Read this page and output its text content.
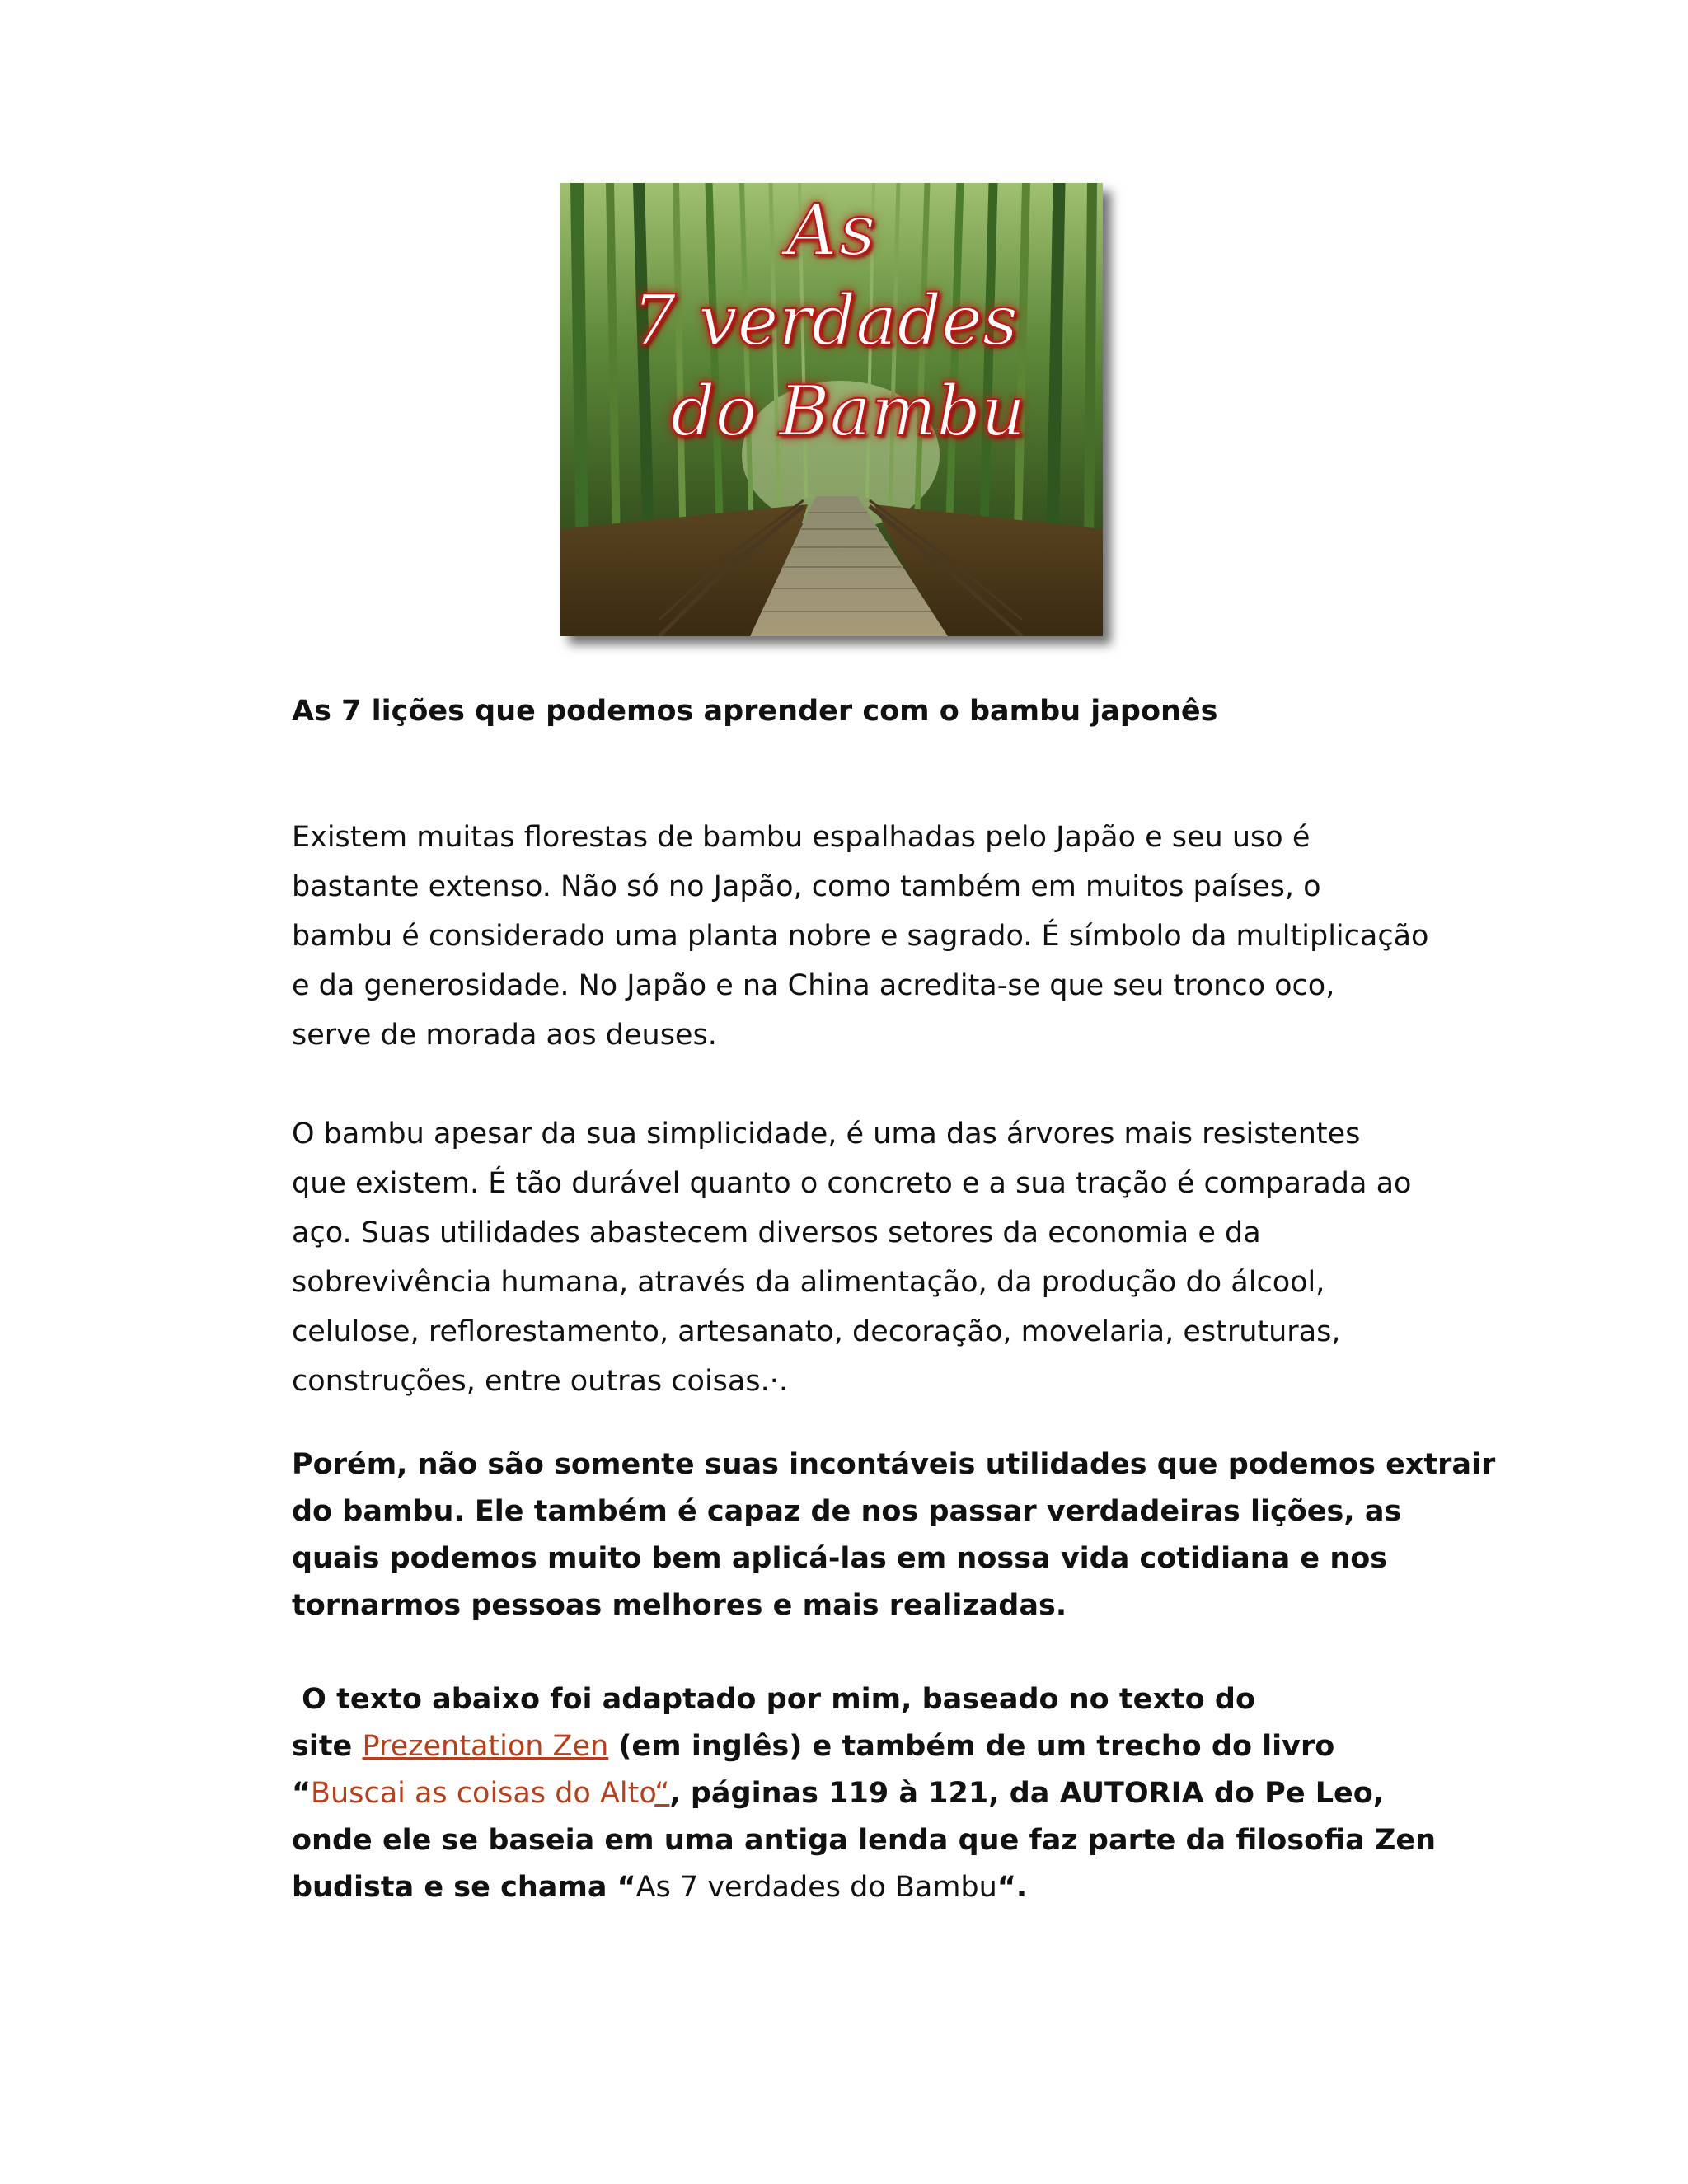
As
7 verdades
do Bambu
As 7 lições que podemos aprender com o bambu japonês
Existem muitas florestas de bambu espalhadas pelo Japão e seu uso é
bastante extenso. Não só no Japão, como também em muitos países, o
bambu é considerado uma planta nobre e sagrado. É símbolo da multiplicação
e da generosidade. No Japão e na China acredita-se que seu tronco oco,
serve de morada aos deuses.
O bambu apesar da sua simplicidade, é uma das árvores mais resistentes
que existem. É tão durável quanto o concreto e a sua tração é comparada ao
aço. Suas utilidades abastecem diversos setores da economia e da
sobrevivência humana, através da alimentação, da produção do álcool,
celulose, reflorestamento, artesanato, decoração, movelaria, estruturas,
construções, entre outras coisas.·.
Porém, não são somente suas incontáveis utilidades que podemos extrair
do bambu. Ele também é capaz de nos passar verdadeiras lições, as
quais podemos muito bem aplicá-las em nossa vida cotidiana e nos
tornarmos pessoas melhores e mais realizadas.
O texto abaixo foi adaptado por mim, baseado no texto do
site Prezentation Zen (em inglês) e também de um trecho do livro
“Buscai as coisas do Alto“, páginas 119 à 121, da AUTORIA do Pe Leo,
onde ele se baseia em uma antiga lenda que faz parte da filosofia Zen
budista e se chama “As 7 verdades do Bambu“.
